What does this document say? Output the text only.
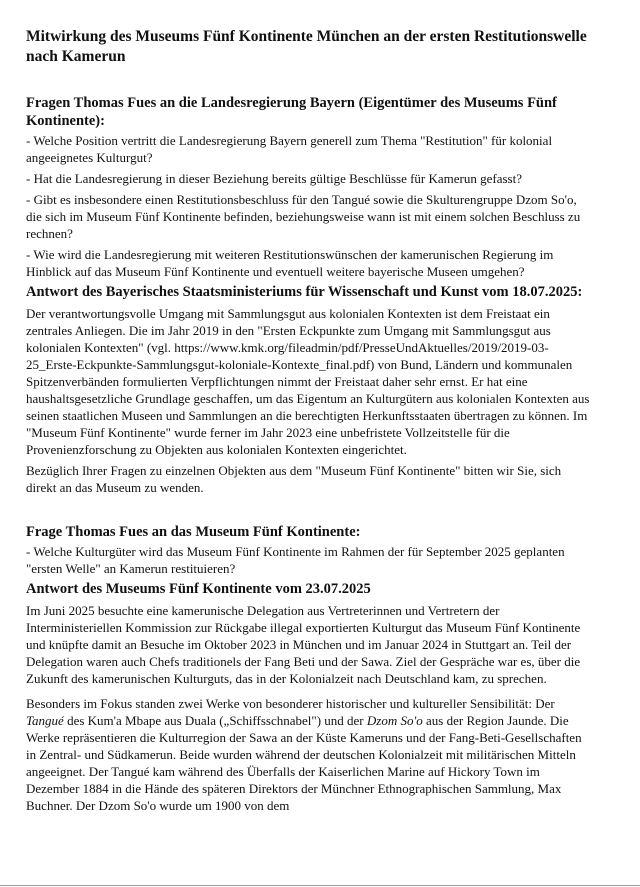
Mitwirkung des Museums Fünf Kontinente München an der ersten Restitutionswelle nach Kamerun
Fragen Thomas Fues an die Landesregierung Bayern (Eigentümer des Museums Fünf Kontinente):

- Welche Position vertritt die Landesregierung Bayern generell zum Thema "Restitution" für kolonial angeeignetes Kulturgut?

- Hat die Landesregierung in dieser Beziehung bereits gültige Beschlüsse für Kamerun gefasst?

- Gibt es insbesondere einen Restitutionsbeschluss für den Tangué sowie die Skulturengruppe Dzom So'o, die sich im Museum Fünf Kontinente befinden, beziehungsweise wann ist mit einem solchen Beschluss zu rechnen?

- Wie wird die Landesregierung mit weiteren Restitutionswünschen der kamerunischen Regierung im Hinblick auf das Museum Fünf Kontinente und eventuell weitere bayerische Museen umgehen?

Antwort des Bayerisches Staatsministeriums für Wissenschaft und Kunst vom 18.07.2025:

Der verantwortungsvolle Umgang mit Sammlungsgut aus kolonialen Kontexten ist dem Freistaat ein zentrales Anliegen. Die im Jahr 2019 in den "Ersten Eckpunkte zum Umgang mit Sammlungsgut aus kolonialen Kontexten" (vgl. https://www.kmk.org/fileadmin/pdf/PresseUndAktuelles/2019/2019-03-25_Erste-Eckpunkte-Sammlungsgut-koloniale-Kontexte_final.pdf) von Bund, Ländern und kommunalen Spitzenverbänden formulierten Verpflichtungen nimmt der Freistaat daher sehr ernst. Er hat eine haushaltsgesetzliche Grundlage geschaffen, um das Eigentum an Kulturgütern aus kolonialen Kontexten aus seinen staatlichen Museen und Sammlungen an die berechtigten Herkunftsstaaten übertragen zu können. Im "Museum Fünf Kontinente" wurde ferner im Jahr 2023 eine unbefristete Vollzeitstelle für die Provenienzforschung zu Objekten aus kolonialen Kontexten eingerichtet.

Bezüglich Ihrer Fragen zu einzelnen Objekten aus dem "Museum Fünf Kontinente" bitten wir Sie, sich direkt an das Museum zu wenden.

Frage Thomas Fues an das Museum Fünf Kontinente:

- Welche Kulturgüter wird das Museum Fünf Kontinente im Rahmen der für September 2025 geplanten "ersten Welle" an Kamerun restituieren?

Antwort des Museums Fünf Kontinente vom 23.07.2025

Im Juni 2025 besuchte eine kamerunische Delegation aus Vertreterinnen und Vertretern der Interministeriellen Kommission zur Rückgabe illegal exportierten Kulturgut das Museum Fünf Kontinente und knüpfte damit an Besuche im Oktober 2023 in München und im Januar 2024 in Stuttgart an. Teil der Delegation waren auch Chefs traditionels der Fang Beti und der Sawa. Ziel der Gespräche war es, über die Zukunft des kamerunischen Kulturguts, das in der Kolonialzeit nach Deutschland kam, zu sprechen.

Besonders im Fokus standen zwei Werke von besonderer historischer und kultureller Sensibilität: Der Tangué des Kum'a Mbape aus Duala („Schiffsschnabel") und der Dzom So'o aus der Region Jaunde. Die Werke repräsentieren die Kulturregion der Sawa an der Küste Kameruns und der Fang-Beti-Gesellschaften in Zentral- und Südkamerun. Beide wurden während der deutschen Kolonialzeit mit militärischen Mitteln angeeignet. Der Tangué kam während des Überfalls der Kaiserlichen Marine auf Hickory Town im Dezember 1884 in die Hände des späteren Direktors der Münchner Ethnographischen Sammlung, Max Buchner. Der Dzom So'o wurde um 1900 von dem
